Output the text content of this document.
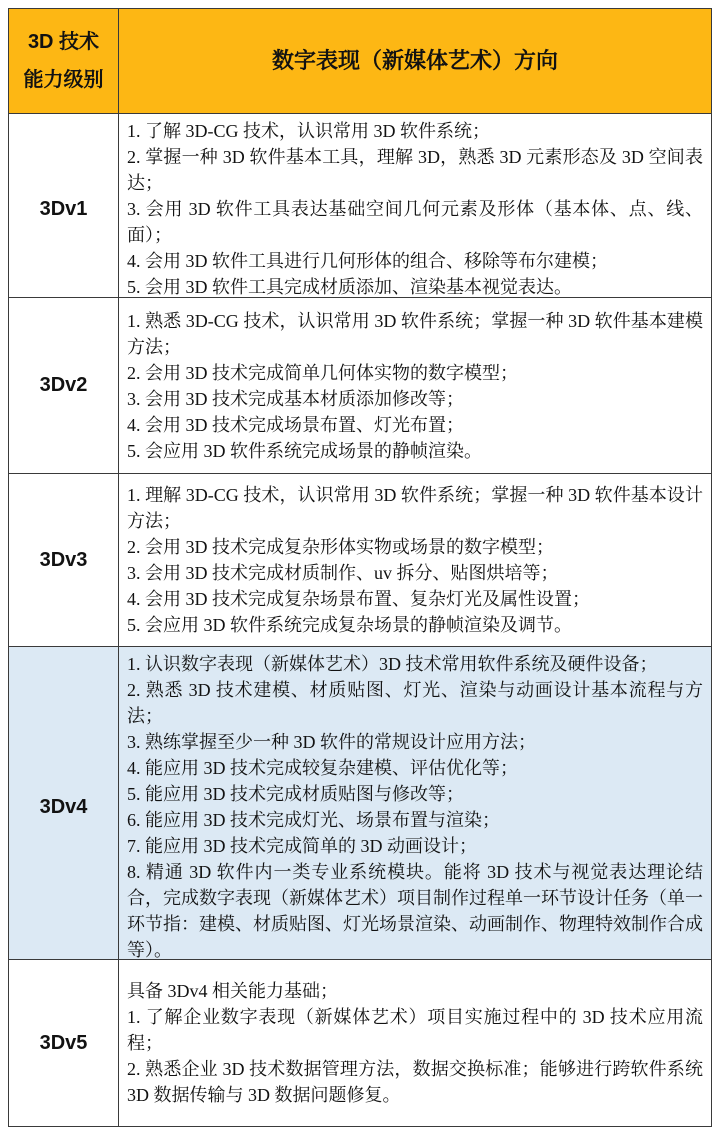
3D 技术
能力级别
数字表现（新媒体艺术）方向
3Dv1
1. 了解 3D-CG 技术，认识常用 3D 软件系统；
2. 掌握一种 3D 软件基本工具，理解 3D，熟悉 3D 元素形态及 3D 空间表达；
3. 会用 3D 软件工具表达基础空间几何元素及形体（基本体、点、线、面）；
4. 会用 3D 软件工具进行几何形体的组合、移除等布尔建模；
5. 会用 3D 软件工具完成材质添加、渲染基本视觉表达。
3Dv2
1. 熟悉 3D-CG 技术，认识常用 3D 软件系统；掌握一种 3D 软件基本建模方法；
2. 会用 3D 技术完成简单几何体实物的数字模型；
3. 会用 3D 技术完成基本材质添加修改等；
4. 会用 3D 技术完成场景布置、灯光布置；
5. 会应用 3D 软件系统完成场景的静帧渲染。
3Dv3
1. 理解 3D-CG 技术，认识常用 3D 软件系统；掌握一种 3D 软件基本设计方法；
2. 会用 3D 技术完成复杂形体实物或场景的数字模型；
3. 会用 3D 技术完成材质制作、uv 拆分、贴图烘培等；
4. 会用 3D 技术完成复杂场景布置、复杂灯光及属性设置；
5. 会应用 3D 软件系统完成复杂场景的静帧渲染及调节。
3Dv4
1. 认识数字表现（新媒体艺术）3D 技术常用软件系统及硬件设备；
2. 熟悉 3D 技术建模、材质贴图、灯光、渲染与动画设计基本流程与方法；
3. 熟练掌握至少一种 3D 软件的常规设计应用方法；
4. 能应用 3D 技术完成较复杂建模、评估优化等；
5. 能应用 3D 技术完成材质贴图与修改等；
6. 能应用 3D 技术完成灯光、场景布置与渲染；
7. 能应用 3D 技术完成简单的 3D 动画设计；
8. 精通 3D 软件内一类专业系统模块。能将 3D 技术与视觉表达理论结合，完成数字表现（新媒体艺术）项目制作过程单一环节设计任务（单一环节指：建模、材质贴图、灯光场景渲染、动画制作、物理特效制作合成等）。
3Dv5
具备 3Dv4 相关能力基础；
1. 了解企业数字表现（新媒体艺术）项目实施过程中的 3D 技术应用流程；
2. 熟悉企业 3D 技术数据管理方法，数据交换标准；能够进行跨软件系统 3D 数据传输与 3D 数据问题修复。
